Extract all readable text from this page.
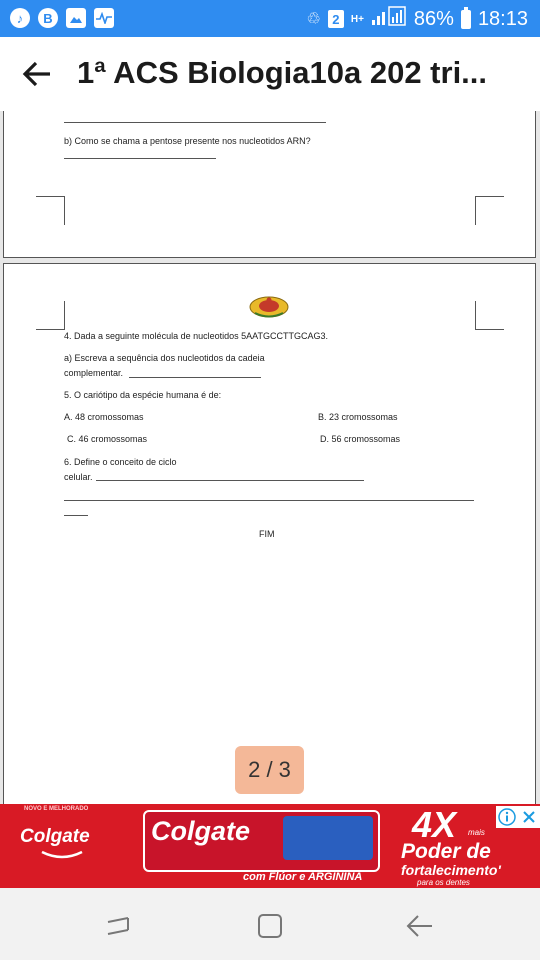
♪	B	♲ 2	H+	86% 18:13
1ª ACS Biologia10a 202 tri...
b) Como se chama a pentose presente nos nucleotidos ARN?
4. Dada a seguinte molécula de nucleotidos 5AATGCCTTGCAG3.
a) Escreva a sequência dos nucleotidos da cadeia
complementar.
5. O cariótipo da espécie humana é de:
A. 48 cromossomas	B. 23 cromossomas
C. 46 cromossomas	D. 56 cromossomas
6. Define o conceito de ciclo
celular.
FIM
2 / 3
NOVO E MELHORADO
Colgate Colgate
com Flúor e ARGININA
4X mais
Poder de
fortalecimento'
para os dentes
